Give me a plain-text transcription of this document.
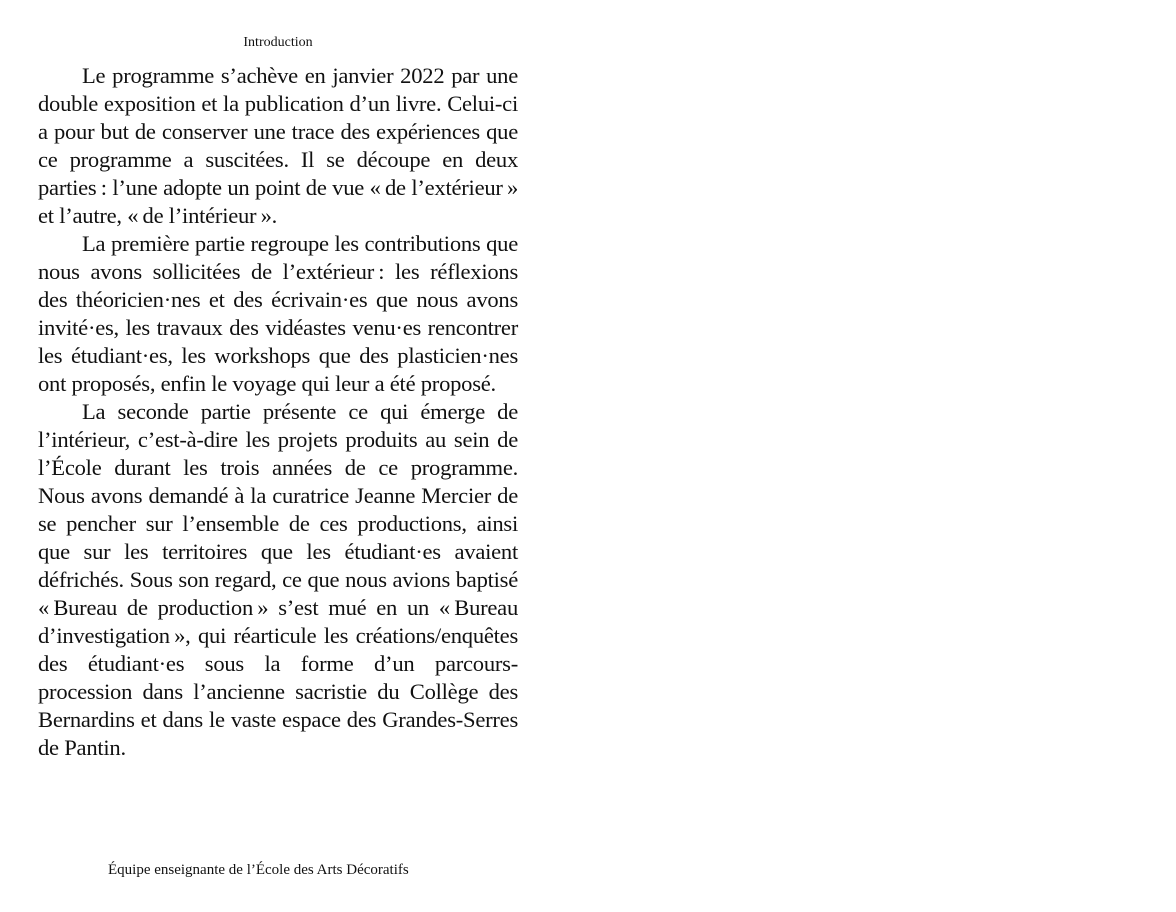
Introduction

Le programme s’achève en janvier 2022 par une double exposition et la publication d’un livre. Celui-ci a pour but de conserver une trace des expériences que ce programme a suscitées. Il se découpe en deux parties : l’une adopte un point de vue « de l’extérieur » et l’autre, « de l’intérieur ».

La première partie regroupe les contributions que nous avons sollicitées de l’extérieur : les réflexions des théoricien·nes et des écrivain·es que nous avons invité·es, les travaux des vidéastes venu·es rencontrer les étudiant·es, les workshops que des plasticien·nes ont proposés, enfin le voyage qui leur a été proposé.

La seconde partie présente ce qui émerge de l’intérieur, c’est-à-dire les projets produits au sein de l’École durant les trois années de ce programme. Nous avons demandé à la curatrice Jeanne Mercier de se pencher sur l’ensemble de ces productions, ainsi que sur les territoires que les étudiant·es avaient défrichés. Sous son regard, ce que nous avions baptisé « Bureau de production » s’est mué en un « Bureau d’investigation », qui réarticule les créations/enquêtes des étudiant·es sous la forme d’un parcours-procession dans l’ancienne sacristie du Collège des Bernardins et dans le vaste espace des Grandes-Serres de Pantin.

Équipe enseignante de l’École des Arts Décoratifs
